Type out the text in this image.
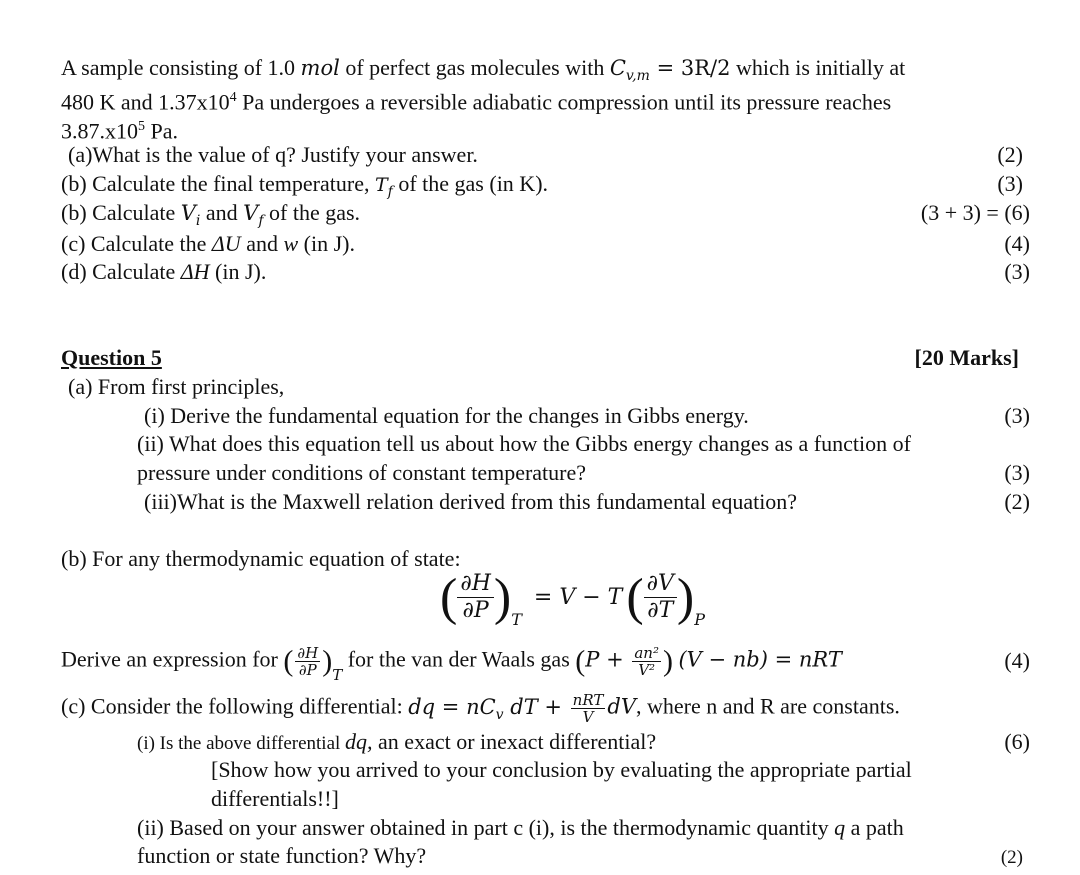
A sample consisting of 1.0 mol of perfect gas molecules with $C_{v,m} = 3R/2$ which is initially at
480 K and $1.37x10^4$ Pa undergoes a reversible adiabatic compression until its pressure reaches
$3.87.x10^5$ Pa.
(a)What is the value of q? Justify your answer.	(2)
(b) Calculate the final temperature, $T_f$ of the gas (in K).	(3)
(b) Calculate $V_i$ and $V_f$ of the gas.	(3 + 3) = (6)
(c) Calculate the ΔU and w (in J).	(4)
(d) Calculate ΔH (in J).	(3)
Question 5	[20 Marks]
(a) From first principles,
(i) Derive the fundamental equation for the changes in Gibbs energy.	(3)
(ii) What does this equation tell us about how the Gibbs energy changes as a function of
pressure under conditions of constant temperature?	(3)
(iii)What is the Maxwell relation derived from this fundamental equation?	(2)
(b) For any thermodynamic equation of state:
( $\frac{\partial H}{\partial P} )_T = V - T$ ( $\frac{\partial V}{\partial T} )_P$
Derive an expression for ( $\frac{\partial H}{\partial P} )_T$ for the van der Waals gas ($P + \frac{\text{an²}}{\text{V²}}$ ) (V − nb) = nRT	(4)
(c) Consider the following differential: dq = $nC_v$ dT + $\frac{\text{nRT}}{V}$ dV, where n and R are constants.
(i) Is the above differential dq, an exact or inexact differential?	(6)
[Show how you arrived to your conclusion by evaluating the appropriate partial
differentials!!]
(ii) Based on your answer obtained in part c (i), is the thermodynamic quantity q a path
function or state function? Why?	(2)
